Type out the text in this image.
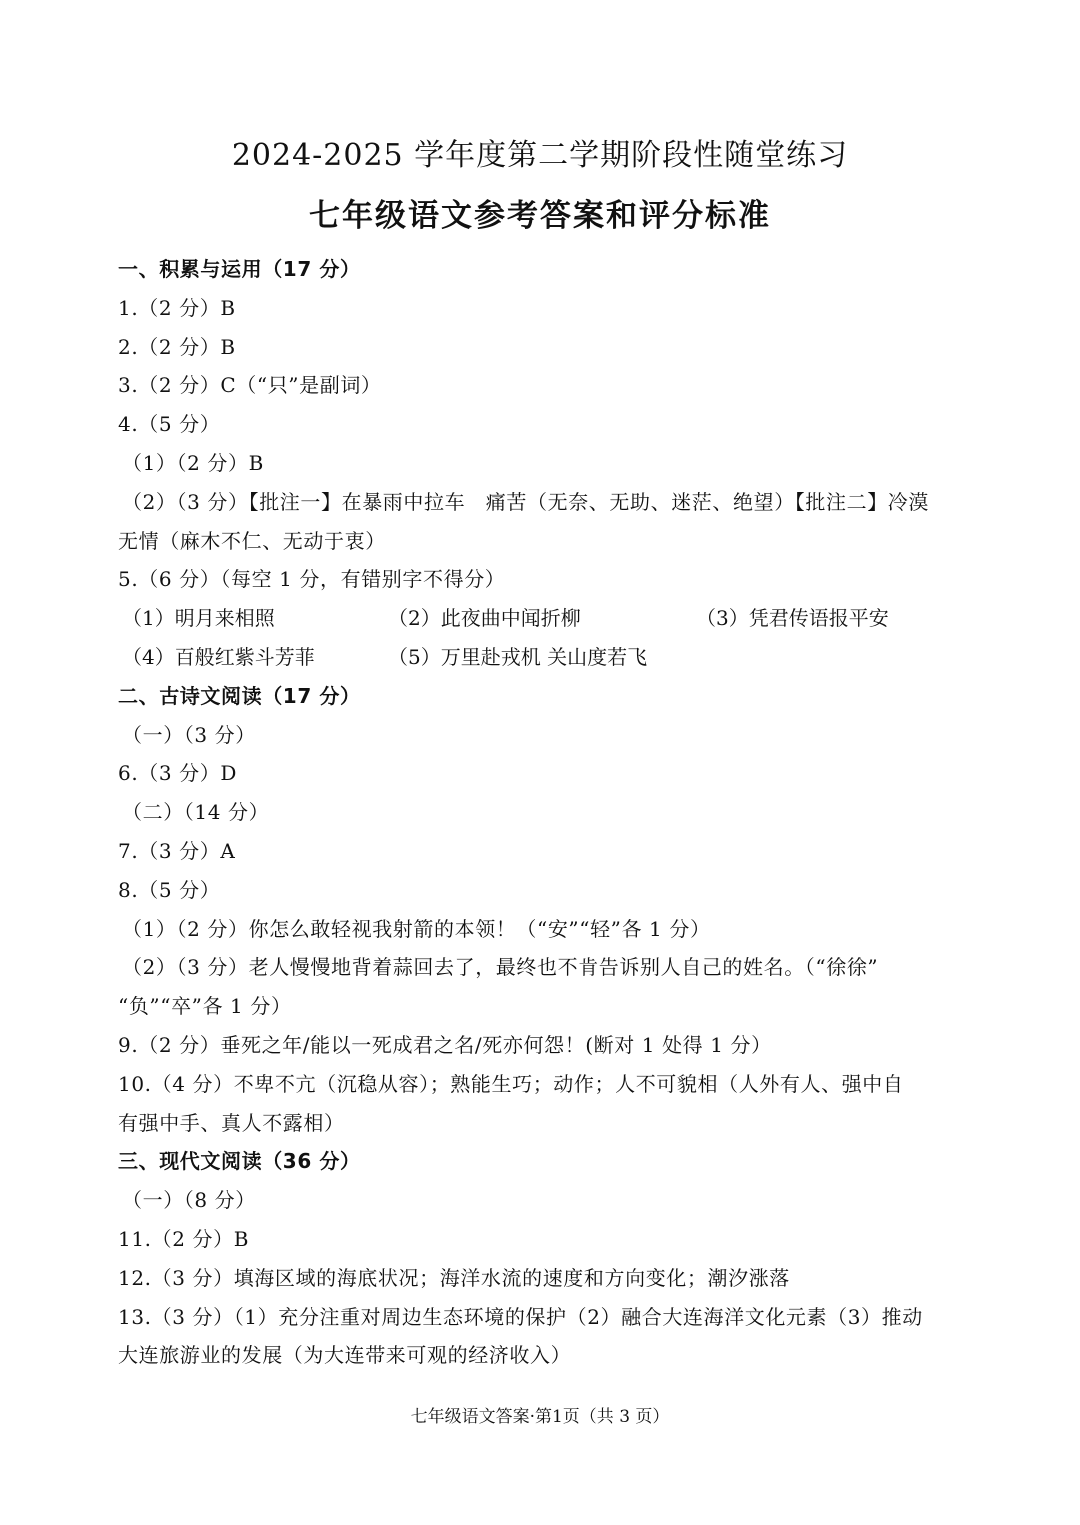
2024-2025 学年度第二学期阶段性随堂练习
七年级语文参考答案和评分标准
一、积累与运用（17 分）
1.（2 分）B
2.（2 分）B
3.（2 分）C（“只”是副词）
4.（5 分）
（1）（2 分）B
（2）（3 分）【批注一】在暴雨中拉车　痛苦（无奈、无助、迷茫、绝望）【批注二】冷漠
无情（麻木不仁、无动于衷）
5.（6 分）（每空 1 分，有错别字不得分）
（1）明月来相照	（2）此夜曲中闻折柳	（3）凭君传语报平安
（4）百般红紫斗芳菲	（5）万里赴戎机 关山度若飞
二、古诗文阅读（17 分）
（一）（3 分）
6.（3 分）D
（二）（14 分）
7.（3 分）A
8.（5 分）
（1）（2 分）你怎么敢轻视我射箭的本领！（“安”“轻”各 1 分）
（2）（3 分）老人慢慢地背着蒜回去了，最终也不肯告诉别人自己的姓名。（“徐徐”
“负”“卒”各 1 分）
9.（2 分）垂死之年/能以一死成君之名/死亦何怨！(断对 1 处得 1 分）
10.（4 分）不卑不亢（沉稳从容）；熟能生巧；动作；人不可貌相（人外有人、强中自
有强中手、真人不露相）
三、现代文阅读（36 分）
（一）（8 分）
11.（2 分）B
12.（3 分）填海区域的海底状况；海洋水流的速度和方向变化；潮汐涨落
13.（3 分）（1）充分注重对周边生态环境的保护（2）融合大连海洋文化元素（3）推动
大连旅游业的发展（为大连带来可观的经济收入）
七年级语文答案·第1页（共 3 页）
